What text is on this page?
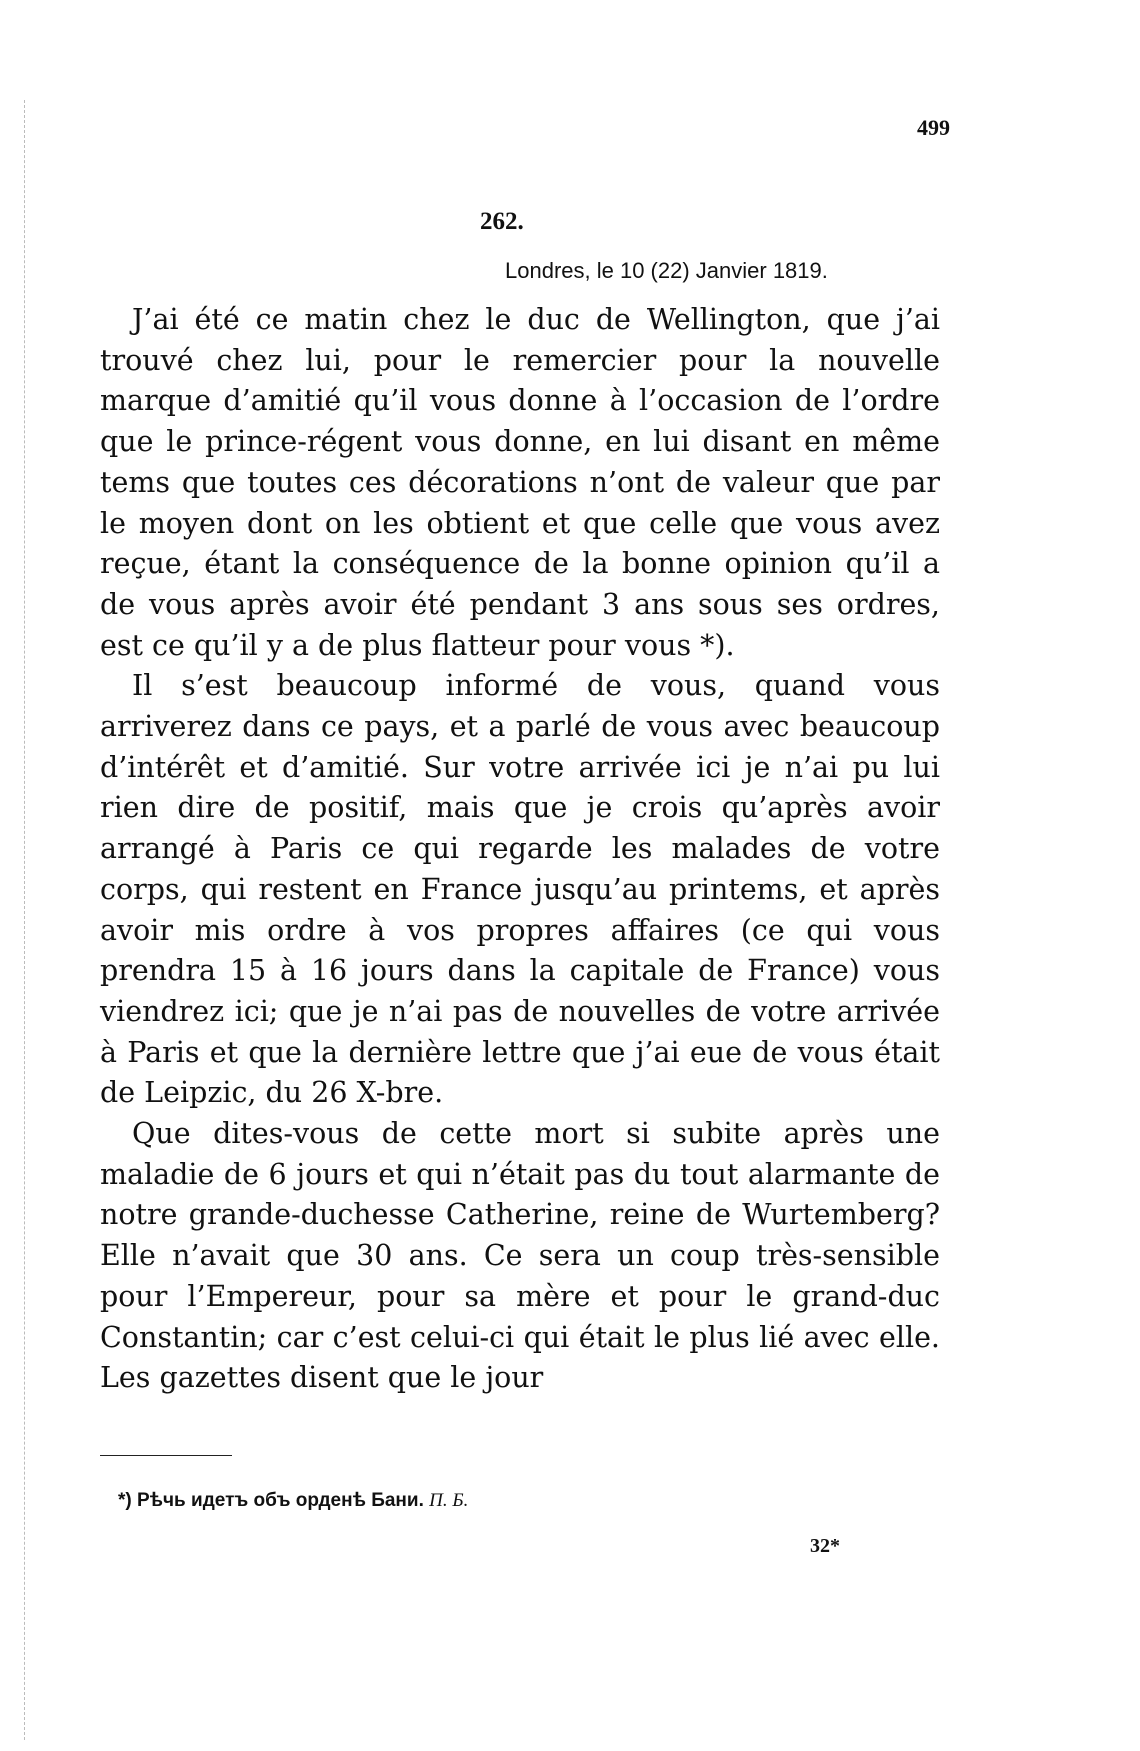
499
262.
Londres, le 10 (22) Janvier 1819.

J’ai été ce matin chez le duc de Wellington, que j’ai trouvé chez lui, pour le remercier pour la nouvelle marque d’amitié qu’il vous donne à l’occasion de l’ordre que le prince-régent vous donne, en lui disant en même tems que toutes ces décorations n’ont de valeur que par le moyen dont on les obtient et que celle que vous avez reçue, étant la conséquence de la bonne opinion qu’il a de vous après avoir été pendant 3 ans sous ses ordres, est ce qu’il y a de plus flatteur pour vous *).

Il s’est beaucoup informé de vous, quand vous arriverez dans ce pays, et a parlé de vous avec beaucoup d’intérêt et d’amitié. Sur votre arrivée ici je n’ai pu lui rien dire de positif, mais que je crois qu’après avoir arrangé à Paris ce qui regarde les malades de votre corps, qui restent en France jusqu’au printems, et après avoir mis ordre à vos propres affaires (ce qui vous prendra 15 à 16 jours dans la capitale de France) vous viendrez ici; que je n’ai pas de nouvelles de votre arrivée à Paris et que la dernière lettre que j’ai eue de vous était de Leipzic, du 26 X-bre.

Que dites-vous de cette mort si subite après une maladie de 6 jours et qui n’était pas du tout alarmante de notre grande-duchesse Catherine, reine de Wurtemberg? Elle n’avait que 30 ans. Ce sera un coup très-sensible pour l’Empereur, pour sa mère et pour le grand-duc Constantin; car c’est celui-ci qui était le plus lié avec elle. Les gazettes disent que le jour

*) Рѣчь идетъ объ орденѣ Бани. П. Б.
32*
